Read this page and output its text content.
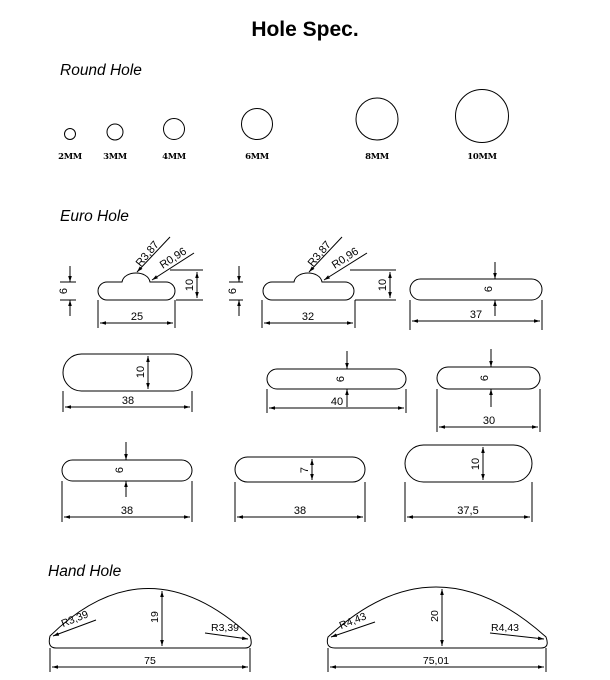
Hole Spec.
Round Hole
Euro Hole
Hand Hole
2MM 3MM	4MM	6MM	8MM	10MM
25
6	10
R3,87
R0,96
32
6	10
R3,87
R0,96
6
37
10
38
6
40
6
30
6
38
7
38
10
37,5
R3,39	R3,39
19
75
R4,43	R4,43
20
75,01
